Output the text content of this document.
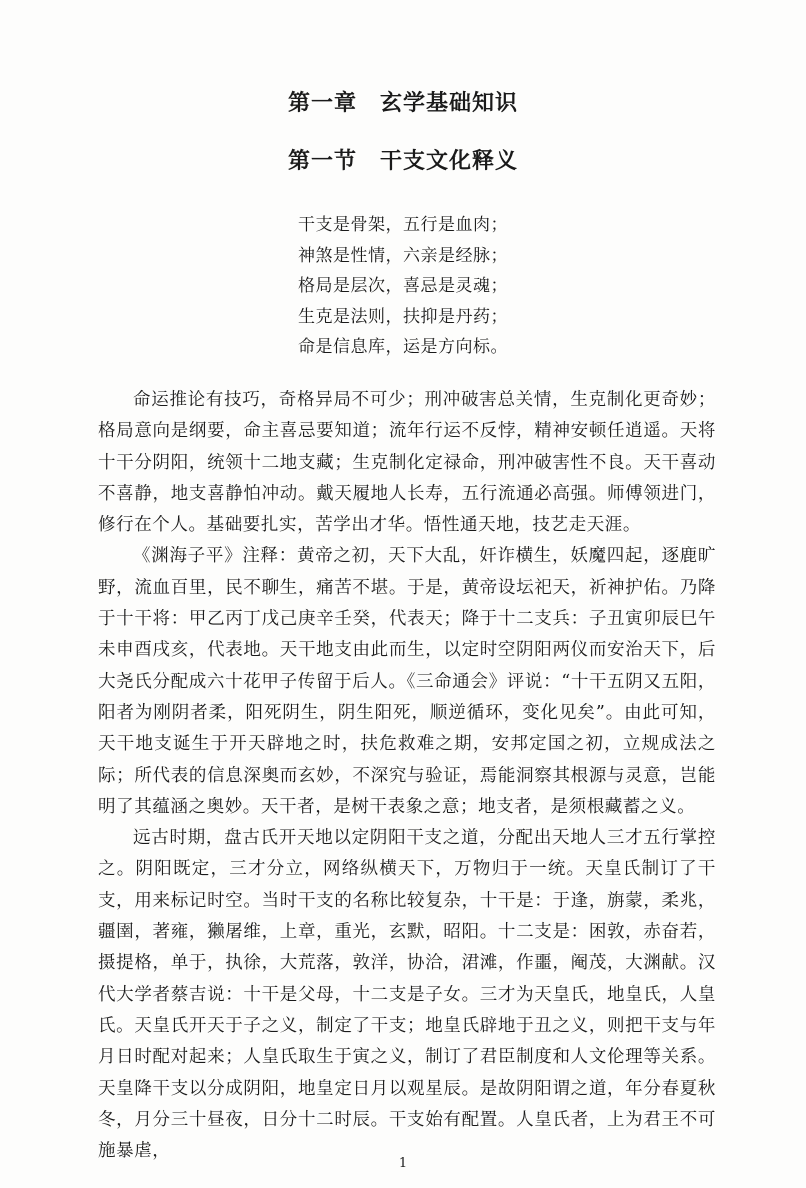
第一章　玄学基础知识
第一节　干支文化释义
干支是骨架，五行是血肉；
神煞是性情，六亲是经脉；
格局是层次，喜忌是灵魂；
生克是法则，扶抑是丹药；
命是信息库，运是方向标。

命运推论有技巧，奇格异局不可少；刑冲破害总关情，生克制化更奇妙；格局意向是纲要，命主喜忌要知道；流年行运不反悖，精神安顿任逍遥。天将十干分阴阳，统领十二地支藏；生克制化定禄命，刑冲破害性不良。天干喜动不喜静，地支喜静怕冲动。戴天履地人长寿，五行流通必高强。师傅领进门，修行在个人。基础要扎实，苦学出才华。悟性通天地，技艺走天涯。

《渊海子平》注释：黄帝之初，天下大乱，奸诈横生，妖魔四起，逐鹿旷野，流血百里，民不聊生，痛苦不堪。于是，黄帝设坛祀天，祈神护佑。乃降于十干将：甲乙丙丁戊己庚辛壬癸，代表天；降于十二支兵：子丑寅卯辰巳午未申酉戌亥，代表地。天干地支由此而生，以定时空阴阳两仪而安治天下，后大尧氏分配成六十花甲子传留于后人。《三命通会》评说：“十干五阴又五阳，阳者为刚阴者柔，阳死阴生，阴生阳死，顺逆循环，变化见矣”。由此可知，天干地支诞生于开天辟地之时，扶危救难之期，安邦定国之初，立规成法之际；所代表的信息深奥而玄妙，不深究与验证，焉能洞察其根源与灵意，岂能明了其蕴涵之奥妙。天干者，是树干表象之意；地支者，是须根藏蓄之义。

远古时期，盘古氏开天地以定阴阳干支之道，分配出天地人三才五行掌控之。阴阳既定，三才分立，网络纵横天下，万物归于一统。天皇氏制订了干支，用来标记时空。当时干支的名称比较复杂，十干是：于逢，旃蒙，柔兆，疆圉，著雍，獭屠维，上章，重光，玄默，昭阳。十二支是：困敦，赤奋若，摄提格，单于，执徐，大荒落，敦洋，协洽，涒滩，作噩，阉茂，大渊献。汉代大学者蔡吉说：十干是父母，十二支是子女。三才为天皇氏，地皇氏，人皇氏。天皇氏开天于子之义，制定了干支；地皇氏辟地于丑之义，则把干支与年月日时配对起来；人皇氏取生于寅之义，制订了君臣制度和人文伦理等关系。天皇降干支以分成阴阳，地皇定日月以观星辰。是故阴阳谓之道，年分春夏秋冬，月分三十昼夜，日分十二时辰。干支始有配置。人皇氏者，上为君王不可施暴虐，

1
